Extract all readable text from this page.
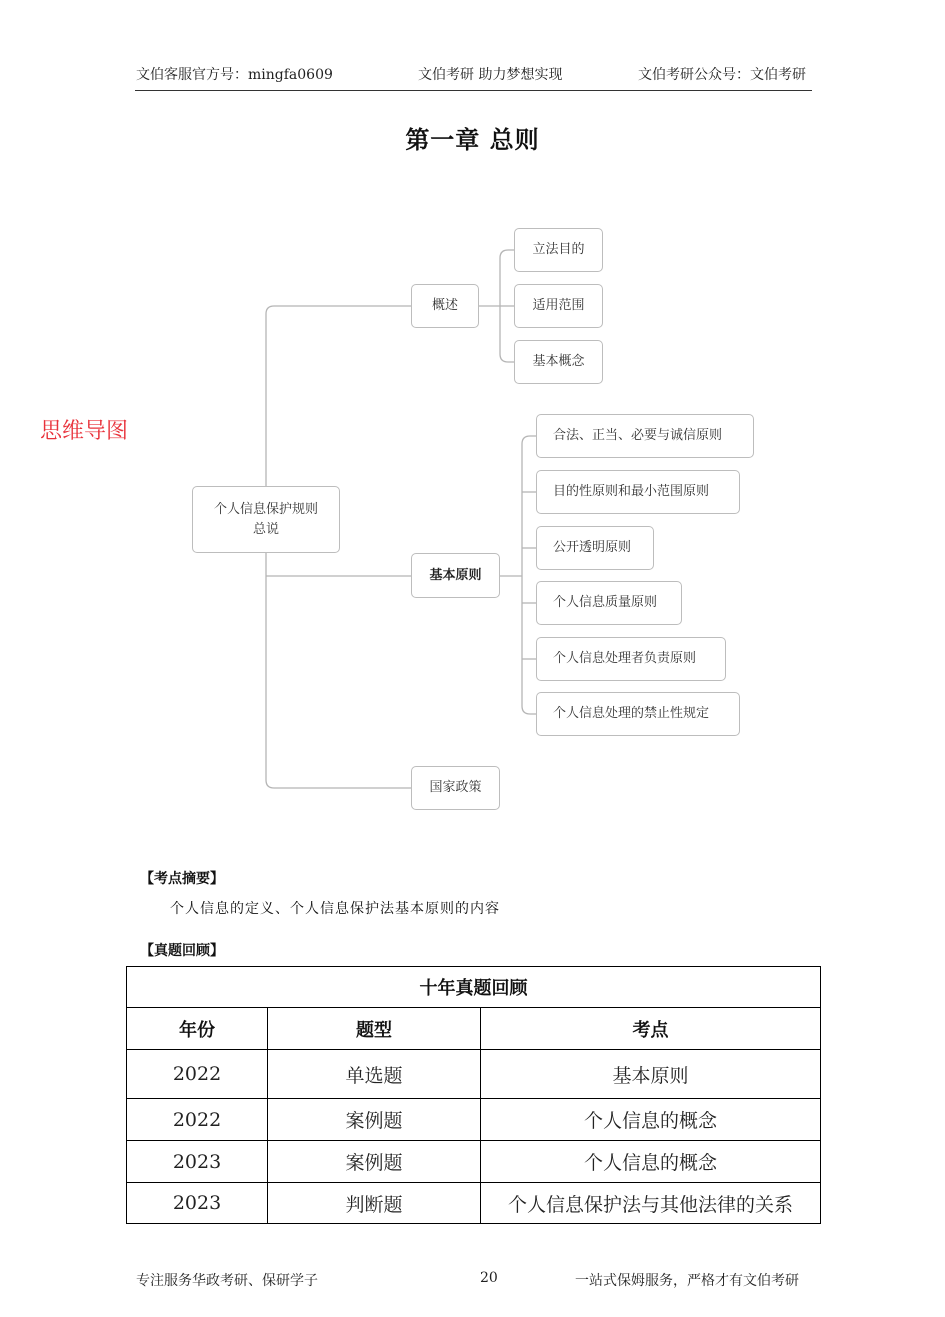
文伯客服官方号：mingfa0609	文伯考研 助力梦想实现	文伯考研公众号：文伯考研
第一章 总则
思维导图
个人信息保护规则
总说
概述
立法目的
适用范围
基本概念
基本原则
合法、正当、必要与诚信原则
目的性原则和最小范围原则
公开透明原则
个人信息质量原则
个人信息处理者负责原则
个人信息处理的禁止性规定
国家政策
【考点摘要】
个人信息的定义、个人信息保护法基本原则的内容
【真题回顾】
十年真题回顾		
年份	题型	考点
2022	单选题	基本原则
2022	案例题	个人信息的概念
2023	案例题	个人信息的概念
2023	判断题	个人信息保护法与其他法律的关系
专注服务华政考研、保研学子	20	一站式保姆服务，严格才有文伯考研
